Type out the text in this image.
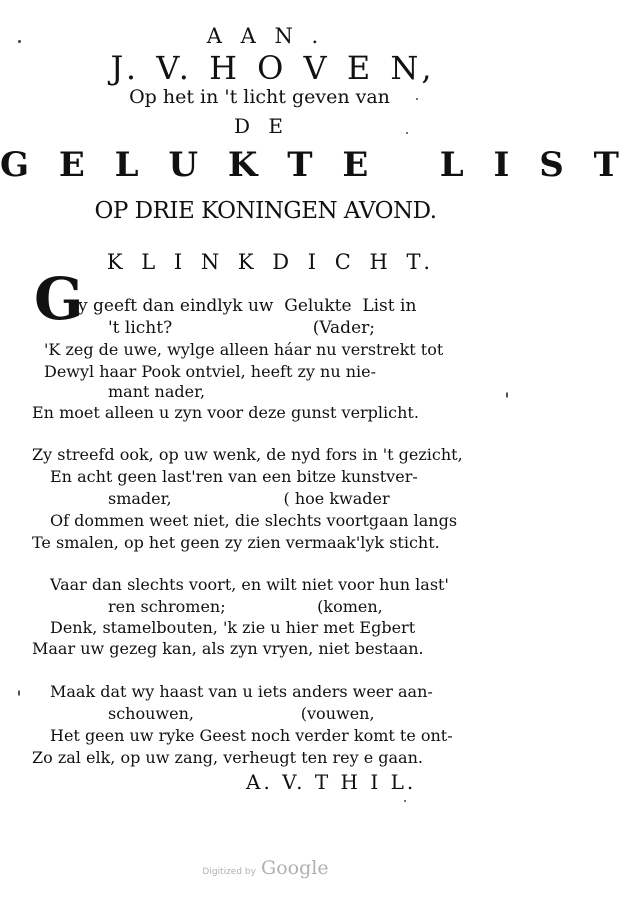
A A N .
J. V. H O V E N,
Op het in 't licht geven van
D E
G E L U K T E   L I S T
OP DRIE KONINGEN AVOND.
K L I N K D I C H T.
G
y geeft dan eindlyk uw  Gelukte  List in
't licht?                          (Vader;
'K zeg de uwe, wylge alleen háar nu verstrekt tot
Dewyl haar Pook ontviel, heeft zy nu nie-
mant nader,
En moet alleen u zyn voor deze gunst verplicht.
Zy streefd ook, op uw wenk, de nyd fors in 't gezicht,
En acht geen last'ren van een bitze kunstver-
smader,                      ( hoe kwader
Of dommen weet niet, die slechts voortgaan langs
Te smalen, op het geen zy zien vermaak'lyk sticht.
Vaar dan slechts voort, en wilt niet voor hun last'
ren schromen;                  (komen,
Denk, stamelbouten, 'k zie u hier met Egbert
Maar uw gezeg kan, als zyn vryen, niet bestaan.
Maak dat wy haast van u iets anders weer aan-
schouwen,                     (vouwen,
Het geen uw ryke Geest noch verder komt te ont-
Zo zal elk, op uw zang, verheugt ten rey e gaan.
A. V. T H I L.
Digitized by Google
